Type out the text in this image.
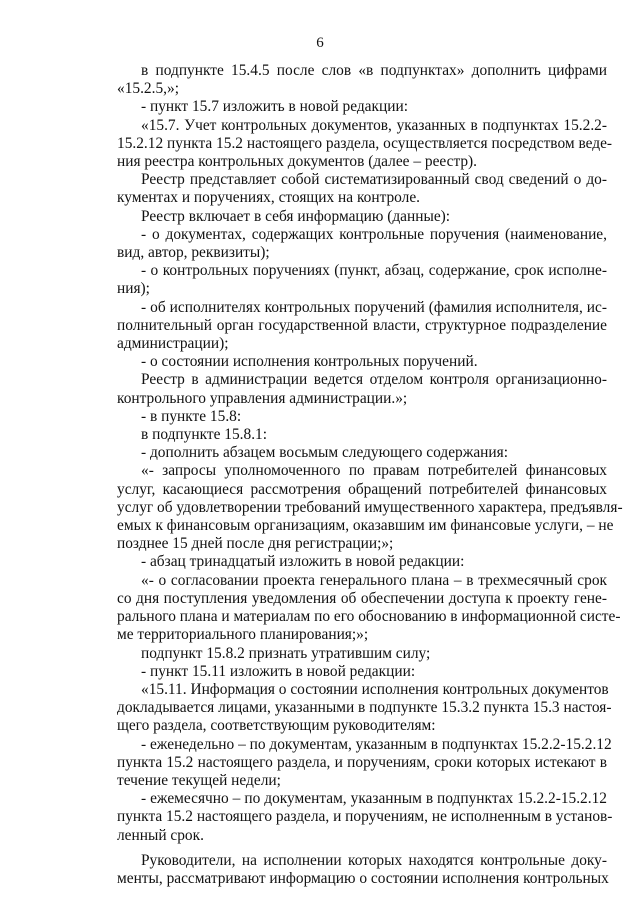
6

в подпункте 15.4.5 после слов «в подпунктах» дополнить цифрами
«15.2.5,»;

- пункт 15.7 изложить в новой редакции:

«15.7. Учет контрольных документов, указанных в подпунктах 15.2.2-
15.2.12 пункта 15.2 настоящего раздела, осуществляется посредством веде-
ния реестра контрольных документов (далее – реестр).

Реестр представляет собой систематизированный свод сведений о до-
кументах и поручениях, стоящих на контроле.

Реестр включает в себя информацию (данные):

- о документах, содержащих контрольные поручения (наименование,
вид, автор, реквизиты);

- о контрольных поручениях (пункт, абзац, содержание, срок исполне-
ния);

- об исполнителях контрольных поручений (фамилия исполнителя, ис-
полнительный орган государственной власти, структурное подразделение
администрации);

- о состоянии исполнения контрольных поручений.

Реестр в администрации ведется отделом контроля организационно-
контрольного управления администрации.»;

- в пункте 15.8:

в подпункте 15.8.1:

- дополнить абзацем восьмым следующего содержания:

«- запросы уполномоченного по правам потребителей финансовых
услуг, касающиеся рассмотрения обращений потребителей финансовых
услуг об удовлетворении требований имущественного характера, предъявля-
емых к финансовым организациям, оказавшим им финансовые услуги, – не
позднее 15 дней после дня регистрации;»;

- абзац тринадцатый изложить в новой редакции:

«- о согласовании проекта генерального плана – в трехмесячный срок
со дня поступления уведомления об обеспечении доступа к проекту гене-
рального плана и материалам по его обоснованию в информационной систе-
ме территориального планирования;»;

подпункт 15.8.2 признать утратившим силу;

- пункт 15.11 изложить в новой редакции:

«15.11. Информация о состоянии исполнения контрольных документов
докладывается лицами, указанными в подпункте 15.3.2 пункта 15.3 настоя-
щего раздела, соответствующим руководителям:

- еженедельно – по документам, указанным в подпунктах 15.2.2-15.2.12
пункта 15.2 настоящего раздела, и поручениям, сроки которых истекают в
течение текущей недели;

- ежемесячно – по документам, указанным в подпунктах 15.2.2-15.2.12
пункта 15.2 настоящего раздела, и поручениям, не исполненным в установ-
ленный срок.

Руководители, на исполнении которых находятся контрольные доку-
менты, рассматривают информацию о состоянии исполнения контрольных
